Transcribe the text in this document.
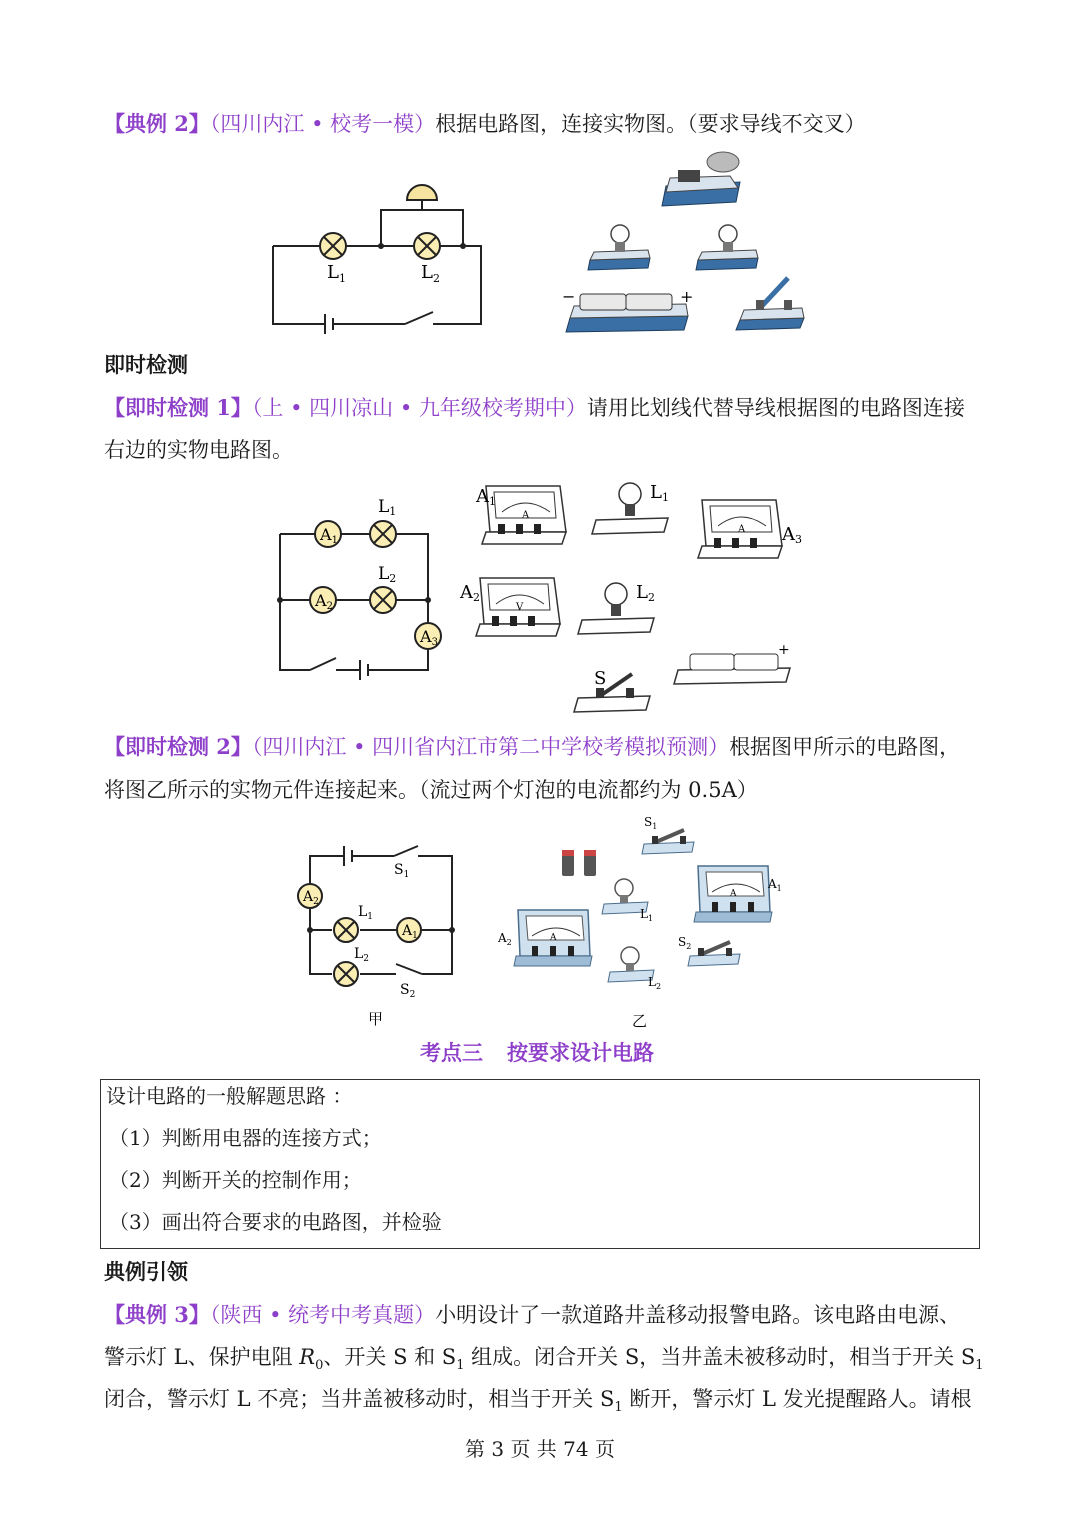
【典例 2】（四川内江 • 校考一模）根据电路图，连接实物图。（要求导线不交叉）
$L_1$	$L_2$
−	+
即时检测
【即时检测 1】（上 • 四川凉山 • 九年级校考期中）请用比划线代替导线根据图的电路图连接
右边的实物电路图。
A1
L1
A2
L2
A3
A
A1	L1
A A3
V
A2	L2
S
+
【即时检测 2】（四川内江 • 四川省内江市第二中学校考模拟预测）根据图甲所示的电路图，
将图乙所示的实物元件连接起来。（流过两个灯泡的电流都约为 0.5A）
$A_2$
$S_1$
$L_1$
$A_1$
$L_2$
$S_2$
甲
$S_1$
$L_1$
A
$A_1$
A
$A_2$	$S_2$
$L_2$
乙
考点三 按要求设计电路
设计电路的一般解题思路 ：
（1）判断用电器的连接方式；
（2）判断开关的控制作用；
（3）画出符合要求的电路图，并检验
典例引领
【典例 3】（陕西 • 统考中考真题）小明设计了一款道路井盖移动报警电路。该电路由电源、
警示灯 L、保护电阻 $R_0$、开关 S 和 $S_1$ 组成。闭合开关 S，当井盖未被移动时，相当于开关 $S_1$
闭合，警示灯 L 不亮；当井盖被移动时，相当于开关 $S_1$ 断开，警示灯 L 发光提醒路人。请根
第 3 页 共 74 页
